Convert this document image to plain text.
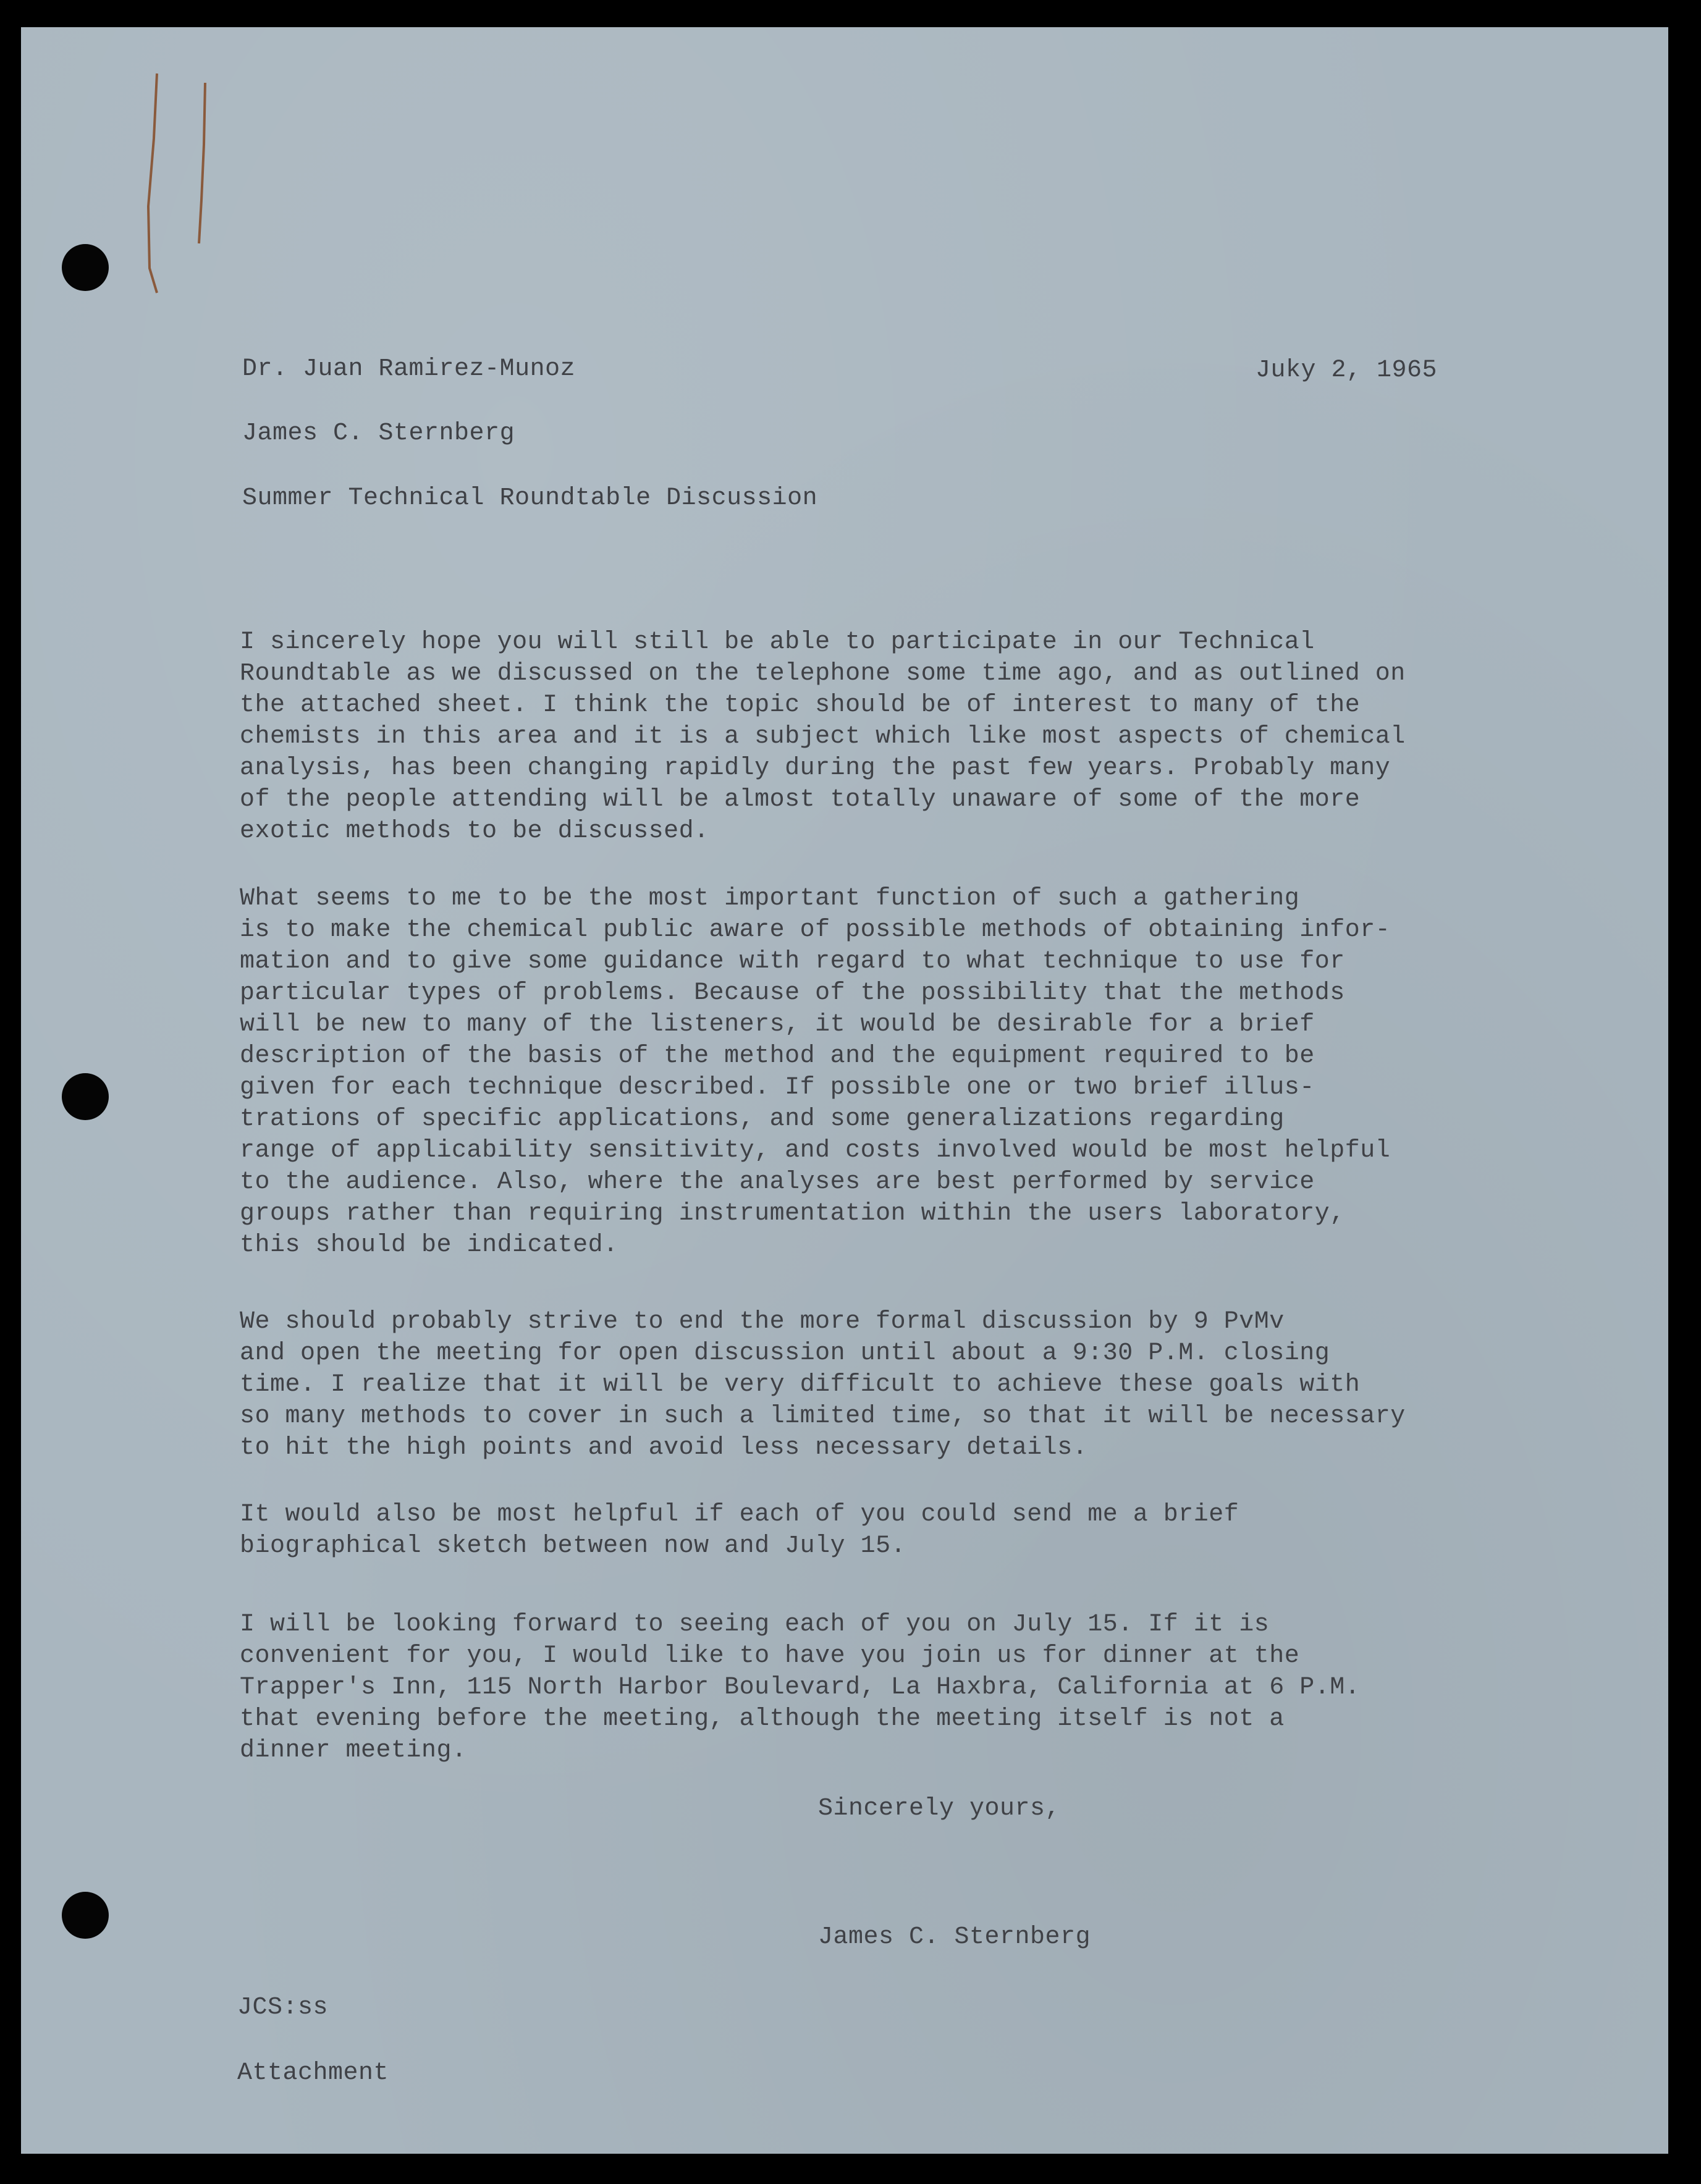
Dr. Juan Ramirez-Munoz	Juky 2, 1965
James C. Sternberg
Summer Technical Roundtable Discussion
I sincerely hope you will still be able to participate in our Technical
Roundtable as we discussed on the telephone some time ago, and as outlined on
the attached sheet. I think the topic should be of interest to many of the
chemists in this area and it is a subject which like most aspects of chemical
analysis, has been changing rapidly during the past few years. Probably many
of the people attending will be almost totally unaware of some of the more
exotic methods to be discussed.
What seems to me to be the most important function of such a gathering
is to make the chemical public aware of possible methods of obtaining infor-
mation and to give some guidance with regard to what technique to use for
particular types of problems. Because of the possibility that the methods
will be new to many of the listeners, it would be desirable for a brief
description of the basis of the method and the equipment required to be
given for each technique described. If possible one or two brief illus-
trations of specific applications, and some generalizations regarding
range of applicability sensitivity, and costs involved would be most helpful
to the audience. Also, where the analyses are best performed by service
groups rather than requiring instrumentation within the users laboratory,
this should be indicated.
We should probably strive to end the more formal discussion by 9 PvMv
and open the meeting for open discussion until about a 9:30 P.M. closing
time. I realize that it will be very difficult to achieve these goals with
so many methods to cover in such a limited time, so that it will be necessary
to hit the high points and avoid less necessary details.
It would also be most helpful if each of you could send me a brief
biographical sketch between now and July 15.
I will be looking forward to seeing each of you on July 15. If it is
convenient for you, I would like to have you join us for dinner at the
Trapper's Inn, 115 North Harbor Boulevard, La Haxbra, California at 6 P.M.
that evening before the meeting, although the meeting itself is not a
dinner meeting.
Sincerely yours,
James C. Sternberg
JCS:ss
Attachment
